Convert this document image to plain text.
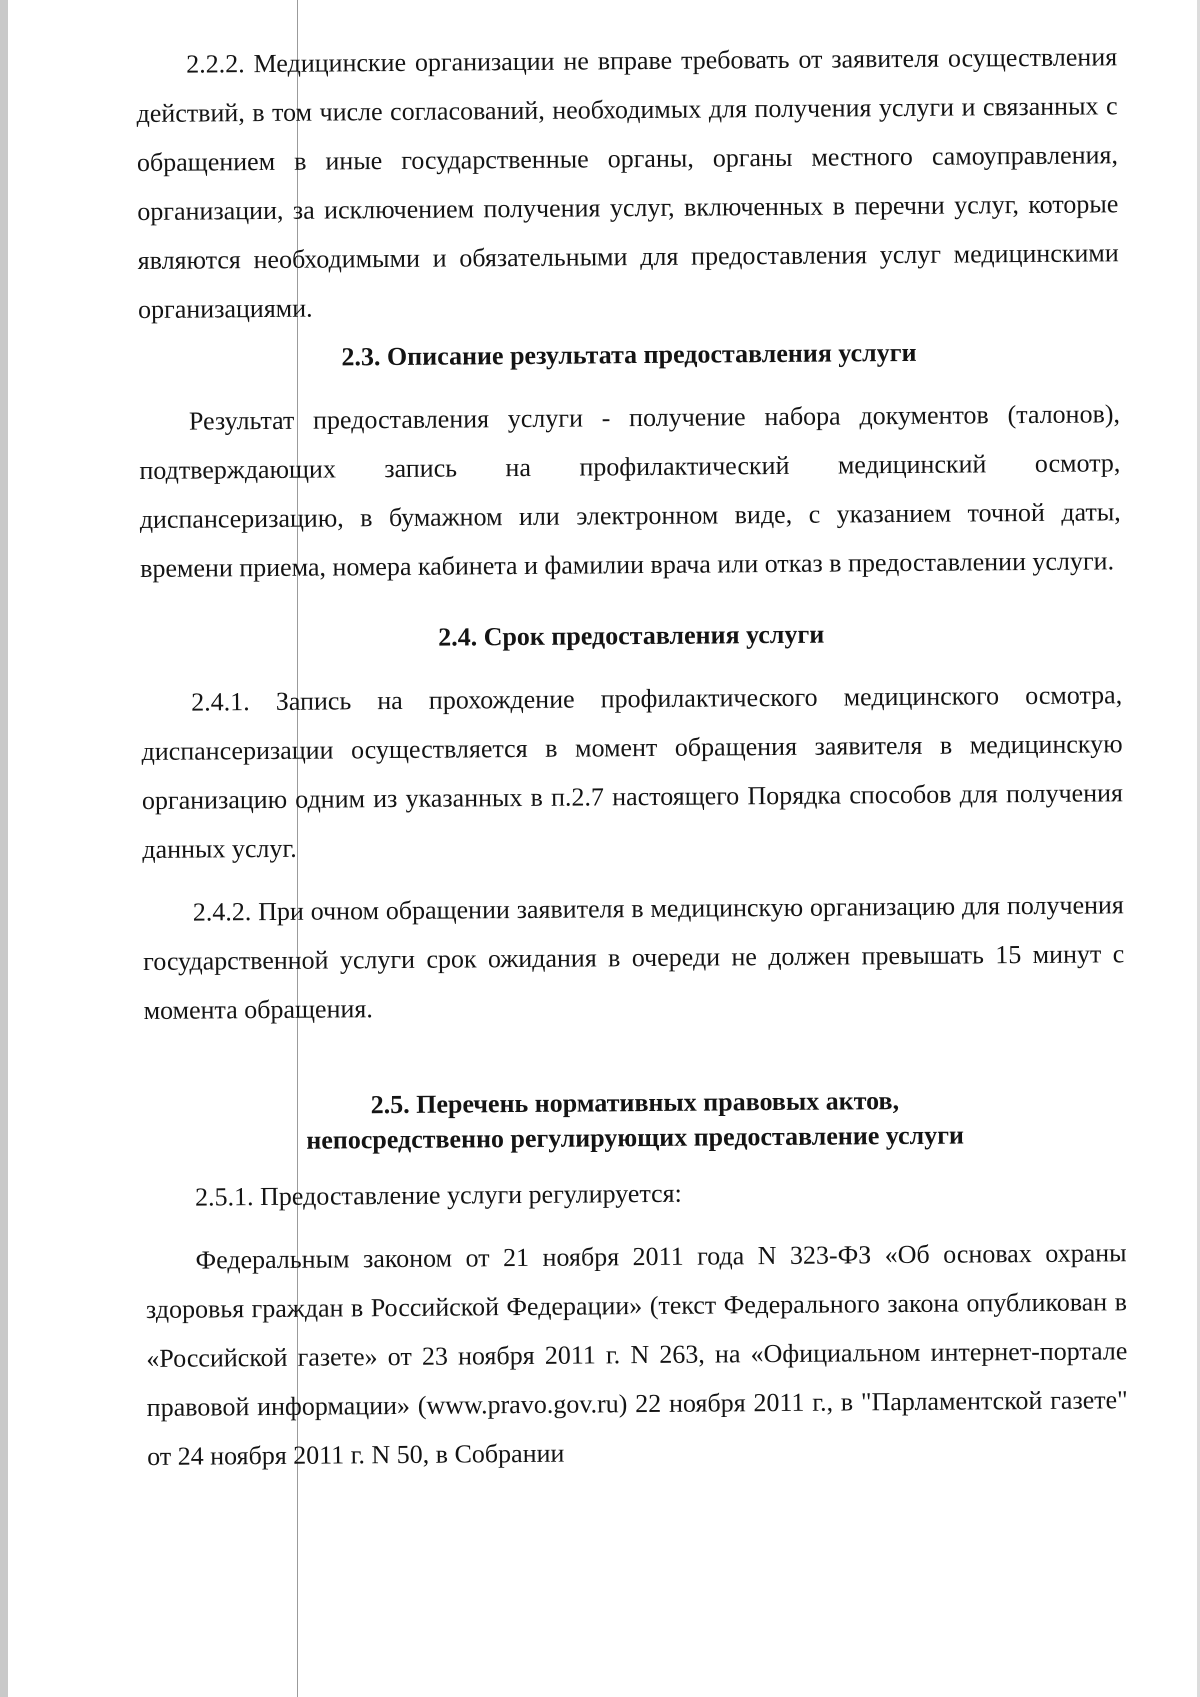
2.2.2. Медицинские организации не вправе требовать от заявителя осуществления действий, в том числе согласований, необходимых для получения услуги и связанных с обращением в иные государственные органы, органы местного самоуправления, организации, за исключением получения услуг, включенных в перечни услуг, которые являются необходимыми и обязательными для предоставления услуг медицинскими организациями.

2.3. Описание результата предоставления услуги

Результат предоставления услуги - получение набора документов (талонов), подтверждающих запись на профилактический медицинский осмотр, диспансеризацию, в бумажном или электронном виде, с указанием точной даты, времени приема, номера кабинета и фамилии врача или отказ в предоставлении услуги.

2.4. Срок предоставления услуги

2.4.1. Запись на прохождение профилактического медицинского осмотра, диспансеризации осуществляется в момент обращения заявителя в медицинскую организацию одним из указанных в п.2.7 настоящего Порядка способов для получения данных услуг.

2.4.2. При очном обращении заявителя в медицинскую организацию для получения государственной услуги срок ожидания в очереди не должен превышать 15 минут с момента обращения.

2.5. Перечень нормативных правовых актов,
непосредственно регулирующих предоставление услуги

2.5.1. Предоставление услуги регулируется:

Федеральным законом от 21 ноября 2011 года N 323-ФЗ «Об основах охраны здоровья граждан в Российской Федерации» (текст Федерального закона опубликован в «Российской газете» от 23 ноября 2011 г. N 263, на «Официальном интернет-портале правовой информации» (www.pravo.gov.ru) 22 ноября 2011 г., в "Парламентской газете" от 24 ноября 2011 г. N 50, в Собрании
